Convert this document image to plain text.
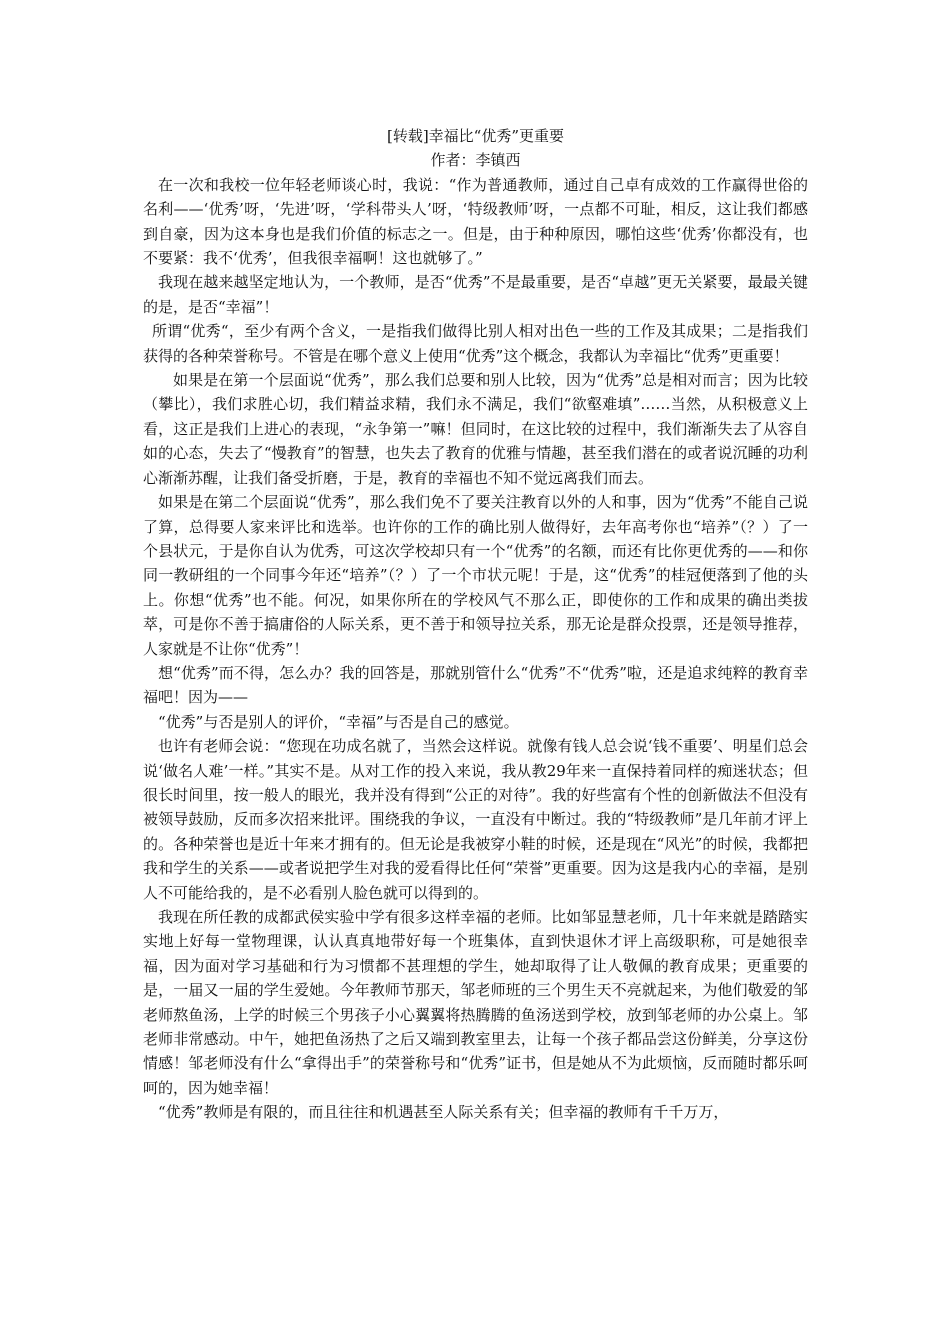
[转载]幸福比“优秀”更重要

作者：李镇西

在一次和我校一位年轻老师谈心时，我说：“作为普通教师，通过自己卓有成效的工作赢得世俗的名利——‘优秀’呀，‘先进’呀，‘学科带头人’呀，‘特级教师’呀，一点都不可耻，相反，这让我们都感到自豪，因为这本身也是我们价值的标志之一。但是，由于种种原因，哪怕这些‘优秀’你都没有，也不要紧：我不‘优秀’，但我很幸福啊！这也就够了。”

我现在越来越坚定地认为，一个教师，是否“优秀”不是最重要，是否“卓越”更无关紧要，最最关键的是，是否“幸福”！

所谓“优秀“，至少有两个含义，一是指我们做得比别人相对出色一些的工作及其成果；二是指我们获得的各种荣誉称号。不管是在哪个意义上使用“优秀”这个概念，我都认为幸福比“优秀”更重要！

如果是在第一个层面说“优秀”，那么我们总要和别人比较，因为“优秀”总是相对而言；因为比较（攀比），我们求胜心切，我们精益求精，我们永不满足，我们“欲壑难填”……当然，从积极意义上看，这正是我们上进心的表现，“永争第一”嘛！但同时，在这比较的过程中，我们渐渐失去了从容自如的心态，失去了“慢教育”的智慧，也失去了教育的优雅与情趣，甚至我们潜在的或者说沉睡的功利心渐渐苏醒，让我们备受折磨，于是，教育的幸福也不知不觉远离我们而去。

如果是在第二个层面说“优秀”，那么我们免不了要关注教育以外的人和事，因为“优秀”不能自己说了算，总得要人家来评比和选举。也许你的工作的确比别人做得好，去年高考你也“培养”（？）了一个县状元，于是你自认为优秀，可这次学校却只有一个“优秀”的名额，而还有比你更优秀的——和你同一教研组的一个同事今年还“培养”（？）了一个市状元呢！于是，这“优秀”的桂冠便落到了他的头上。你想“优秀”也不能。何况，如果你所在的学校风气不那么正，即使你的工作和成果的确出类拔萃，可是你不善于搞庸俗的人际关系，更不善于和领导拉关系，那无论是群众投票，还是领导推荐，人家就是不让你“优秀”！

想“优秀”而不得，怎么办？我的回答是，那就别管什么“优秀”不“优秀”啦，还是追求纯粹的教育幸福吧！因为——

“优秀”与否是别人的评价，“幸福”与否是自己的感觉。

也许有老师会说：“您现在功成名就了，当然会这样说。就像有钱人总会说‘钱不重要’、明星们总会说‘做名人难’一样。”其实不是。从对工作的投入来说，我从教29年来一直保持着同样的痴迷状态；但很长时间里，按一般人的眼光，我并没有得到“公正的对待”。我的好些富有个性的创新做法不但没有被领导鼓励，反而多次招来批评。围绕我的争议，一直没有中断过。我的“特级教师”是几年前才评上的。各种荣誉也是近十年来才拥有的。但无论是我被穿小鞋的时候，还是现在“风光”的时候，我都把我和学生的关系——或者说把学生对我的爱看得比任何“荣誉”更重要。因为这是我内心的幸福，是别人不可能给我的，是不必看别人脸色就可以得到的。

我现在所任教的成都武侯实验中学有很多这样幸福的老师。比如邹显慧老师，几十年来就是踏踏实实地上好每一堂物理课，认认真真地带好每一个班集体，直到快退休才评上高级职称，可是她很幸福，因为面对学习基础和行为习惯都不甚理想的学生，她却取得了让人敬佩的教育成果；更重要的是，一届又一届的学生爱她。今年教师节那天，邹老师班的三个男生天不亮就起来，为他们敬爱的邹老师熬鱼汤，上学的时候三个男孩子小心翼翼将热腾腾的鱼汤送到学校，放到邹老师的办公桌上。邹老师非常感动。中午，她把鱼汤热了之后又端到教室里去，让每一个孩子都品尝这份鲜美，分享这份情感！邹老师没有什么“拿得出手”的荣誉称号和“优秀”证书，但是她从不为此烦恼，反而随时都乐呵呵的，因为她幸福！

“优秀”教师是有限的，而且往往和机遇甚至人际关系有关；但幸福的教师有千千万万，
